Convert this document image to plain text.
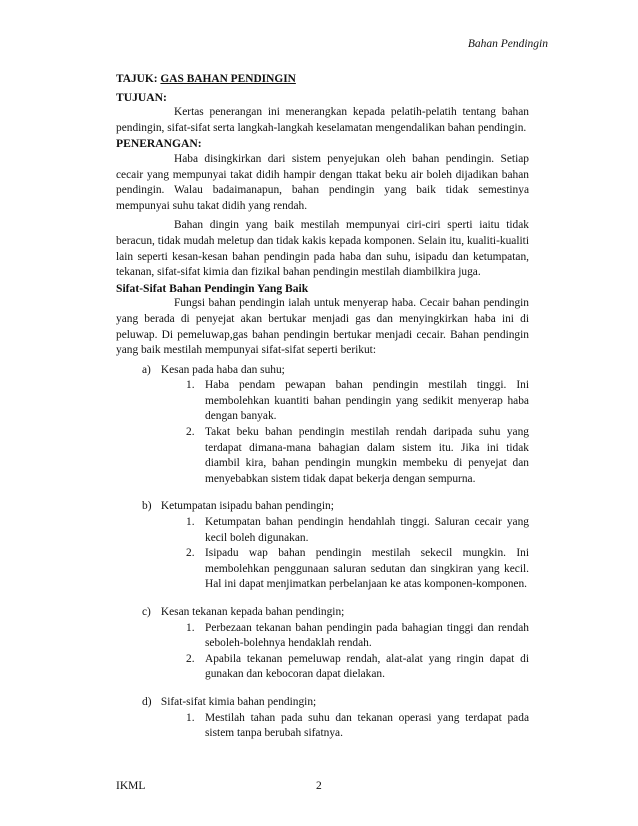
Bahan Pendingin
TAJUK: GAS BAHAN PENDINGIN
TUJUAN:

Kertas penerangan ini menerangkan kepada pelatih-pelatih tentang bahan pendingin, sifat-sifat serta langkah-langkah keselamatan mengendalikan bahan pendingin.

PENERANGAN:

Haba disingkirkan dari sistem penyejukan oleh bahan pendingin. Setiap cecair yang mempunyai takat didih hampir dengan ttakat beku air boleh dijadikan bahan pendingin. Walau badaimanapun, bahan pendingin yang baik tidak semestinya mempunyai suhu takat didih yang rendah.

Bahan dingin yang baik mestilah mempunyai ciri-ciri sperti iaitu tidak beracun, tidak mudah meletup dan tidak kakis kepada komponen. Selain itu, kualiti-kualiti lain seperti kesan-kesan bahan pendingin pada haba dan suhu, isipadu dan ketumpatan, tekanan, sifat-sifat kimia dan fizikal bahan pendingin mestilah diambilkira juga.

Sifat-Sifat Bahan Pendingin Yang Baik

Fungsi bahan pendingin ialah untuk menyerap haba. Cecair bahan pendingin yang berada di penyejat akan bertukar menjadi gas dan menyingkirkan haba ini di peluwap. Di pemeluwap,gas bahan pendingin bertukar menjadi cecair. Bahan pendingin yang baik mestilah mempunyai sifat-sifat seperti berikut:

a) Kesan pada haba dan suhu;
1. Haba pendam pewapan bahan pendingin mestilah tinggi. Ini membolehkan kuantiti bahan pendingin yang sedikit menyerap haba dengan banyak.
2. Takat beku bahan pendingin mestilah rendah daripada suhu yang terdapat dimana-mana bahagian dalam sistem itu. Jika ini tidak diambil kira, bahan pendingin mungkin membeku di penyejat dan menyebabkan sistem tidak dapat bekerja dengan sempurna.
b) Ketumpatan isipadu bahan pendingin;
1. Ketumpatan bahan pendingin hendahlah tinggi. Saluran cecair yang kecil boleh digunakan.
2. Isipadu wap bahan pendingin mestilah sekecil mungkin. Ini membolehkan penggunaan saluran sedutan dan singkiran yang kecil. Hal ini dapat menjimatkan perbelanjaan ke atas komponen-komponen.
c) Kesan tekanan kepada bahan pendingin;
1. Perbezaan tekanan bahan pendingin pada bahagian tinggi dan rendah seboleh-bolehnya hendaklah rendah.
2. Apabila tekanan pemeluwap rendah, alat-alat yang ringin dapat di gunakan dan kebocoran dapat dielakan.
d) Sifat-sifat kimia bahan pendingin;
1. Mestilah tahan pada suhu dan tekanan operasi yang terdapat pada sistem tanpa berubah sifatnya.
IKML	2
